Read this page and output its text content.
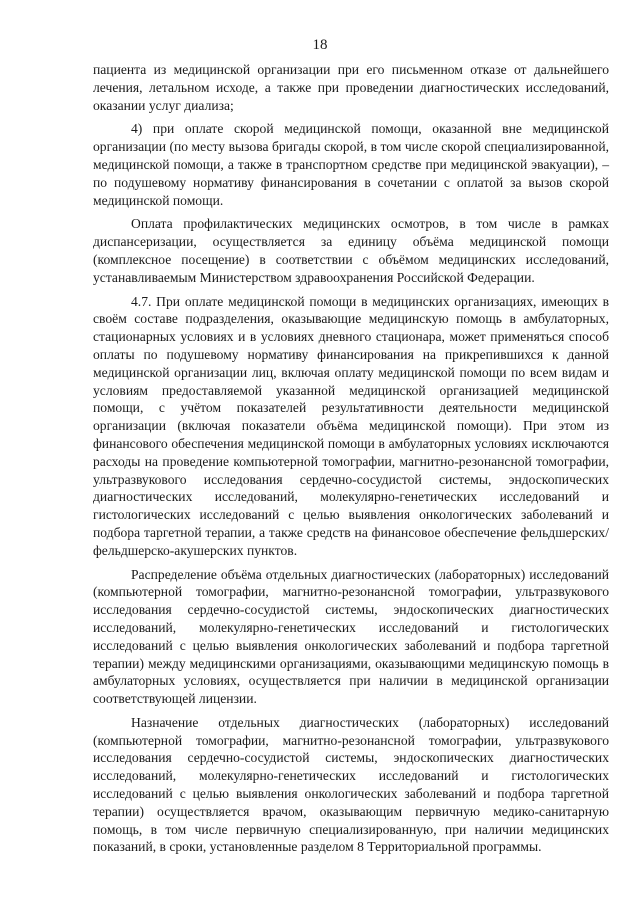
18

пациента из медицинской организации при его письменном отказе от дальнейшего лечения, летальном исходе, а также при проведении диагностических исследований, оказании услуг диализа;

4) при оплате скорой медицинской помощи, оказанной вне медицинской организации (по месту вызова бригады скорой, в том числе скорой специализированной, медицинской помощи, а также в транспортном средстве при медицинской эвакуации), – по подушевому нормативу финансирования в сочетании с оплатой за вызов скорой медицинской помощи.

Оплата профилактических медицинских осмотров, в том числе в рамках диспансеризации, осуществляется за единицу объёма медицинской помощи (комплексное посещение) в соответствии с объёмом медицинских исследований, устанавливаемым Министерством здравоохранения Российской Федерации.

4.7. При оплате медицинской помощи в медицинских организациях, имеющих в своём составе подразделения, оказывающие медицинскую помощь в амбулаторных, стационарных условиях и в условиях дневного стационара, может применяться способ оплаты по подушевому нормативу финансирования на прикрепившихся к данной медицинской организации лиц, включая оплату медицинской помощи по всем видам и условиям предоставляемой указанной медицинской организацией медицинской помощи, с учётом показателей результативности деятельности медицинской организации (включая показатели объёма медицинской помощи). При этом из финансового обеспечения медицинской помощи в амбулаторных условиях исключаются расходы на проведение компьютерной томографии, магнитно-резонансной томографии, ультразвукового исследования сердечно-сосудистой системы, эндоскопических диагностических исследований, молекулярно-генетических исследований и гистологических исследований с целью выявления онкологических заболеваний и подбора таргетной терапии, а также средств на финансовое обеспечение фельдшерских/фельдшерско-акушерских пунктов.

Распределение объёма отдельных диагностических (лабораторных) исследований (компьютерной томографии, магнитно-резонансной томографии, ультразвукового исследования сердечно-сосудистой системы, эндоскопических диагностических исследований, молекулярно-генетических исследований и гистологических исследований с целью выявления онкологических заболеваний и подбора таргетной терапии) между медицинскими организациями, оказывающими медицинскую помощь в амбулаторных условиях, осуществляется при наличии в медицинской организации соответствующей лицензии.

Назначение отдельных диагностических (лабораторных) исследований (компьютерной томографии, магнитно-резонансной томографии, ультразвукового исследования сердечно-сосудистой системы, эндоскопических диагностических исследований, молекулярно-генетических исследований и гистологических исследований с целью выявления онкологических заболеваний и подбора таргетной терапии) осуществляется врачом, оказывающим первичную медико-санитарную помощь, в том числе первичную специализированную, при наличии медицинских показаний, в сроки, установленные разделом 8 Территориальной программы.
